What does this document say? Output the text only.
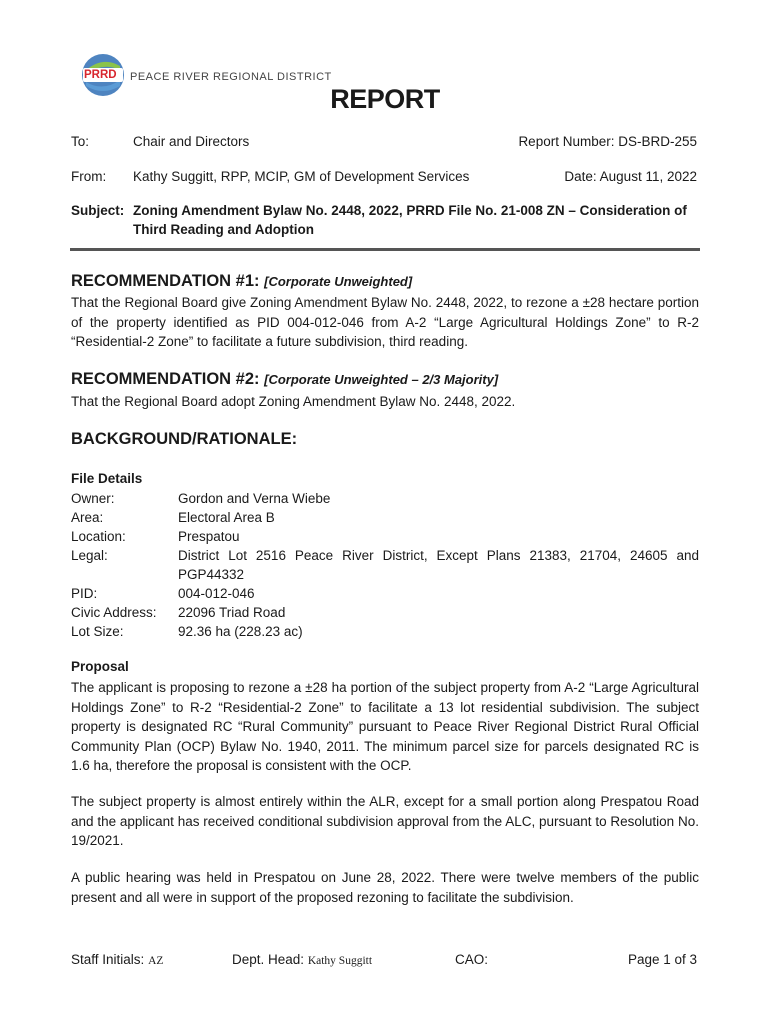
PRRD PEACE RIVER REGIONAL DISTRICT
REPORT
To:	Chair and Directors	Report Number: DS-BRD-255
From: Kathy Suggitt, RPP, MCIP, GM of Development Services	Date: August 11, 2022
Subject: Zoning Amendment Bylaw No. 2448, 2022, PRRD File No. 21-008 ZN – Consideration of
Third Reading and Adoption
RECOMMENDATION #1: [Corporate Unweighted]
That the Regional Board give Zoning Amendment Bylaw No. 2448, 2022, to rezone a ±28 hectare portion of the property identified as PID 004-012-046 from A-2 “Large Agricultural Holdings Zone” to R-2 “Residential-2 Zone” to facilitate a future subdivision, third reading.
RECOMMENDATION #2: [Corporate Unweighted – 2/3 Majority]
That the Regional Board adopt Zoning Amendment Bylaw No. 2448, 2022.
BACKGROUND/RATIONALE:
File Details
Owner:	Gordon and Verna Wiebe
Area:	Electoral Area B
Location:	Prespatou
Legal:	District Lot 2516 Peace River District, Except Plans 21383, 21704, 24605 and PGP44332
PID:	004-012-046
Civic Address: 22096 Triad Road
Lot Size:	92.36 ha (228.23 ac)
Proposal
The applicant is proposing to rezone a ±28 ha portion of the subject property from A-2 “Large Agricultural Holdings Zone” to R-2 “Residential-2 Zone” to facilitate a 13 lot residential subdivision. The subject property is designated RC “Rural Community” pursuant to Peace River Regional District Rural Official Community Plan (OCP) Bylaw No. 1940, 2011. The minimum parcel size for parcels designated RC is 1.6 ha, therefore the proposal is consistent with the OCP.
The subject property is almost entirely within the ALR, except for a small portion along Prespatou Road and the applicant has received conditional subdivision approval from the ALC, pursuant to Resolution No. 19/2021.
A public hearing was held in Prespatou on June 28, 2022. There were twelve members of the public present and all were in support of the proposed rezoning to facilitate the subdivision.
Staff Initials: AZ	Dept. Head: Kathy Suggitt	CAO:	Page 1 of 3
